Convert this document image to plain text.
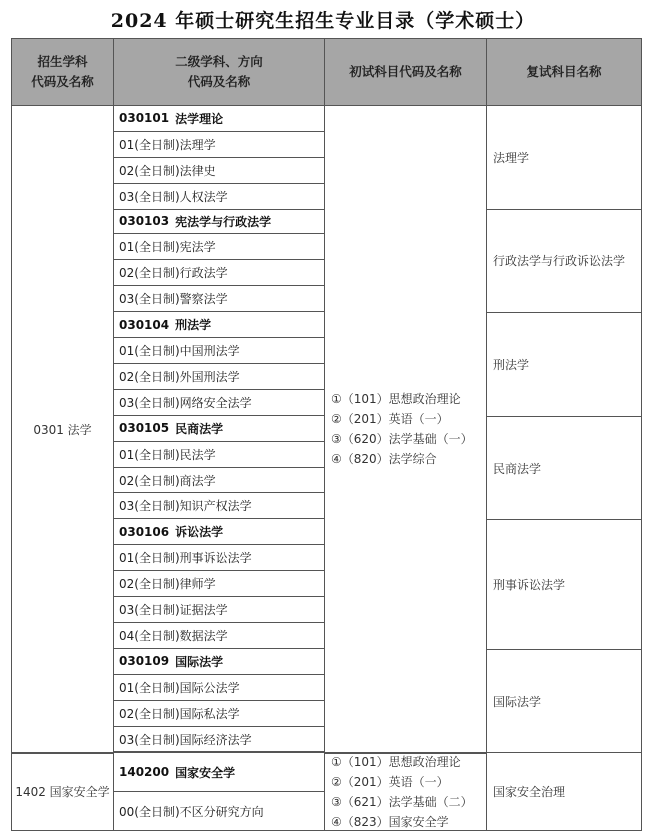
2024 年硕士研究生招生专业目录（学术硕士）
招生学科
代码及名称
二级学科、方向
代码及名称
初试科目代码及名称	复试科目名称
0301 法学
①（101）思想政治理论
②（201）英语（一）
③（620）法学基础（一）
④（820）法学综合
法理学
030101 法学理论
01(全日制)法理学
02(全日制)法律史
03(全日制)人权法学
行政法学与行政诉讼法学
030103 宪法学与行政法学
01(全日制)宪法学
02(全日制)行政法学
03(全日制)警察法学
刑法学
030104 刑法学
01(全日制)中国刑法学
02(全日制)外国刑法学
03(全日制)网络安全法学
民商法学
030105 民商法学
01(全日制)民法学
02(全日制)商法学
03(全日制)知识产权法学
刑事诉讼法学
030106 诉讼法学
01(全日制)刑事诉讼法学
02(全日制)律师学
03(全日制)证据法学
04(全日制)数据法学
国际法学
030109 国际法学
01(全日制)国际公法学
02(全日制)国际私法学
03(全日制)国际经济法学
1402 国家安全学
①（101）思想政治理论
②（201）英语（一）
③（621）法学基础（二）
④（823）国家安全学
国家安全治理
140200 国家安全学
00(全日制)不区分研究方向
